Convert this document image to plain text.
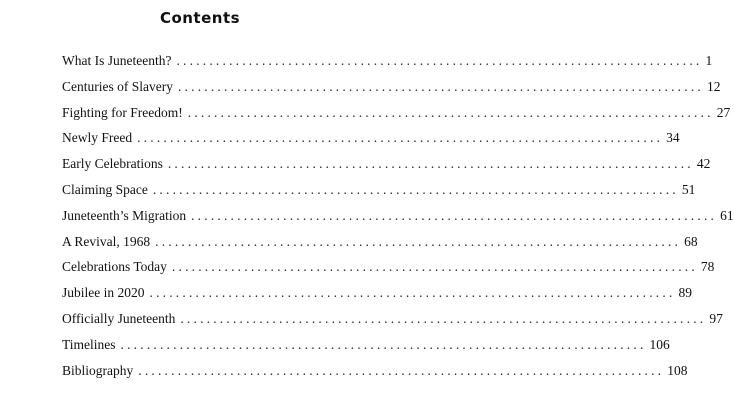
Contents
What Is Juneteenth? ................................................................................ 1
Centuries of Slavery ................................................................................ 12
Fighting for Freedom! ................................................................................ 27
Newly Freed ................................................................................ 34
Early Celebrations ................................................................................ 42
Claiming Space ................................................................................ 51
Juneteenth’s Migration ................................................................................ 61
A Revival, 1968 ................................................................................ 68
Celebrations Today ................................................................................ 78
Jubilee in 2020 ................................................................................ 89
Officially Juneteenth ................................................................................ 97
Timelines ................................................................................ 106
Bibliography ................................................................................ 108
